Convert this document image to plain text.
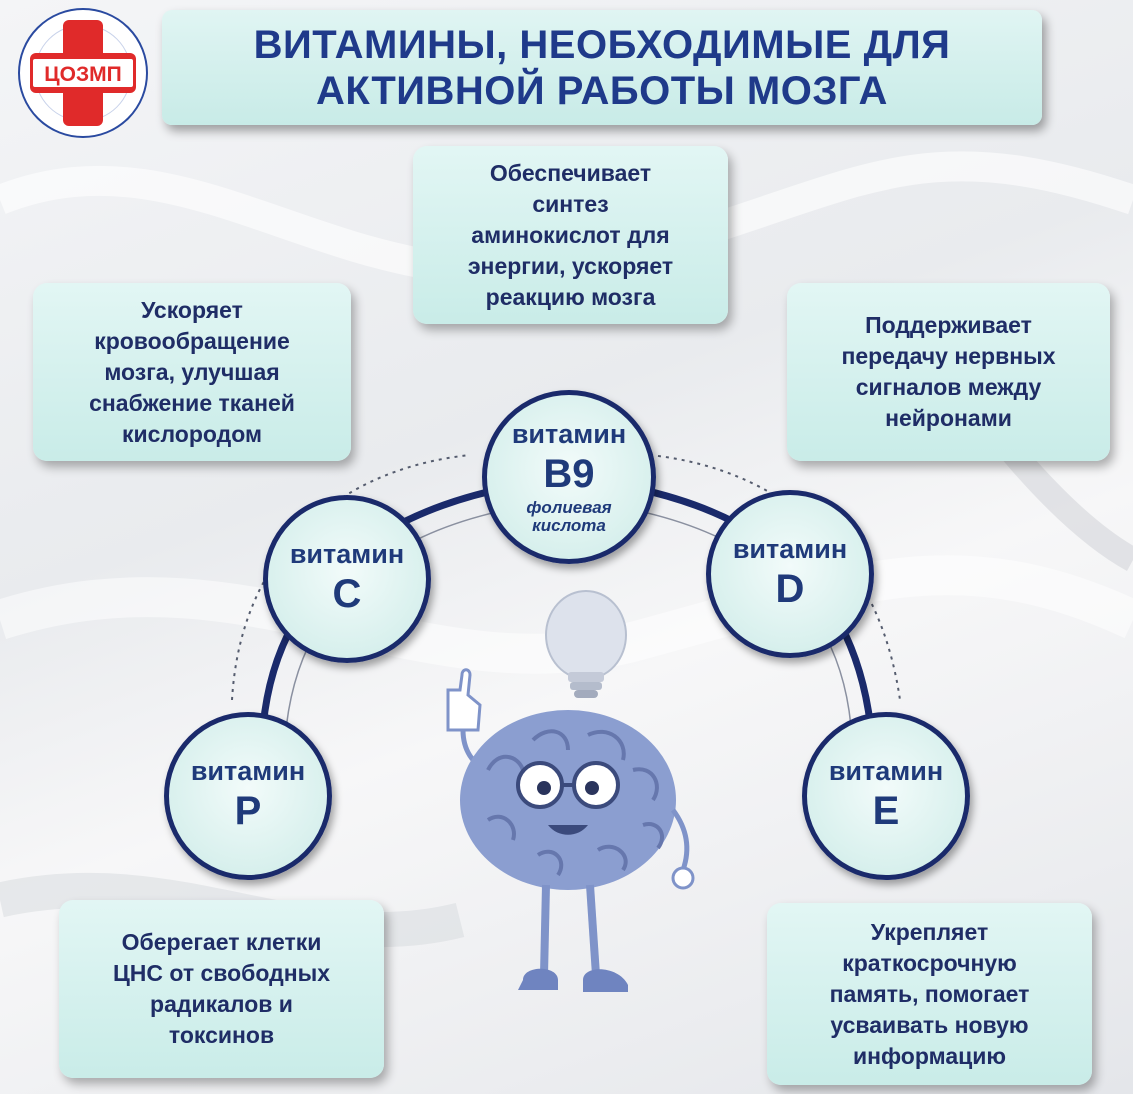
ЦОЗМП
ВИТАМИНЫ, НЕОБХОДИМЫЕ ДЛЯ
АКТИВНОЙ РАБОТЫ МОЗГА
Обеспечивает
синтез
аминокислот для
энергии, ускоряет
реакцию мозга
Ускоряет
кровообращение
мозга, улучшая
снабжение тканей
кислородом
Поддерживает
передачу нервных
сигналов между
нейронами
Оберегает клетки
ЦНС от свободных
радикалов и
токсинов
Укрепляет
краткосрочную
память, помогает
усваивать новую
информацию
витамин
P
витамин
C
витамин
B9
фолиевая
кислота
витамин
D
витамин
E
